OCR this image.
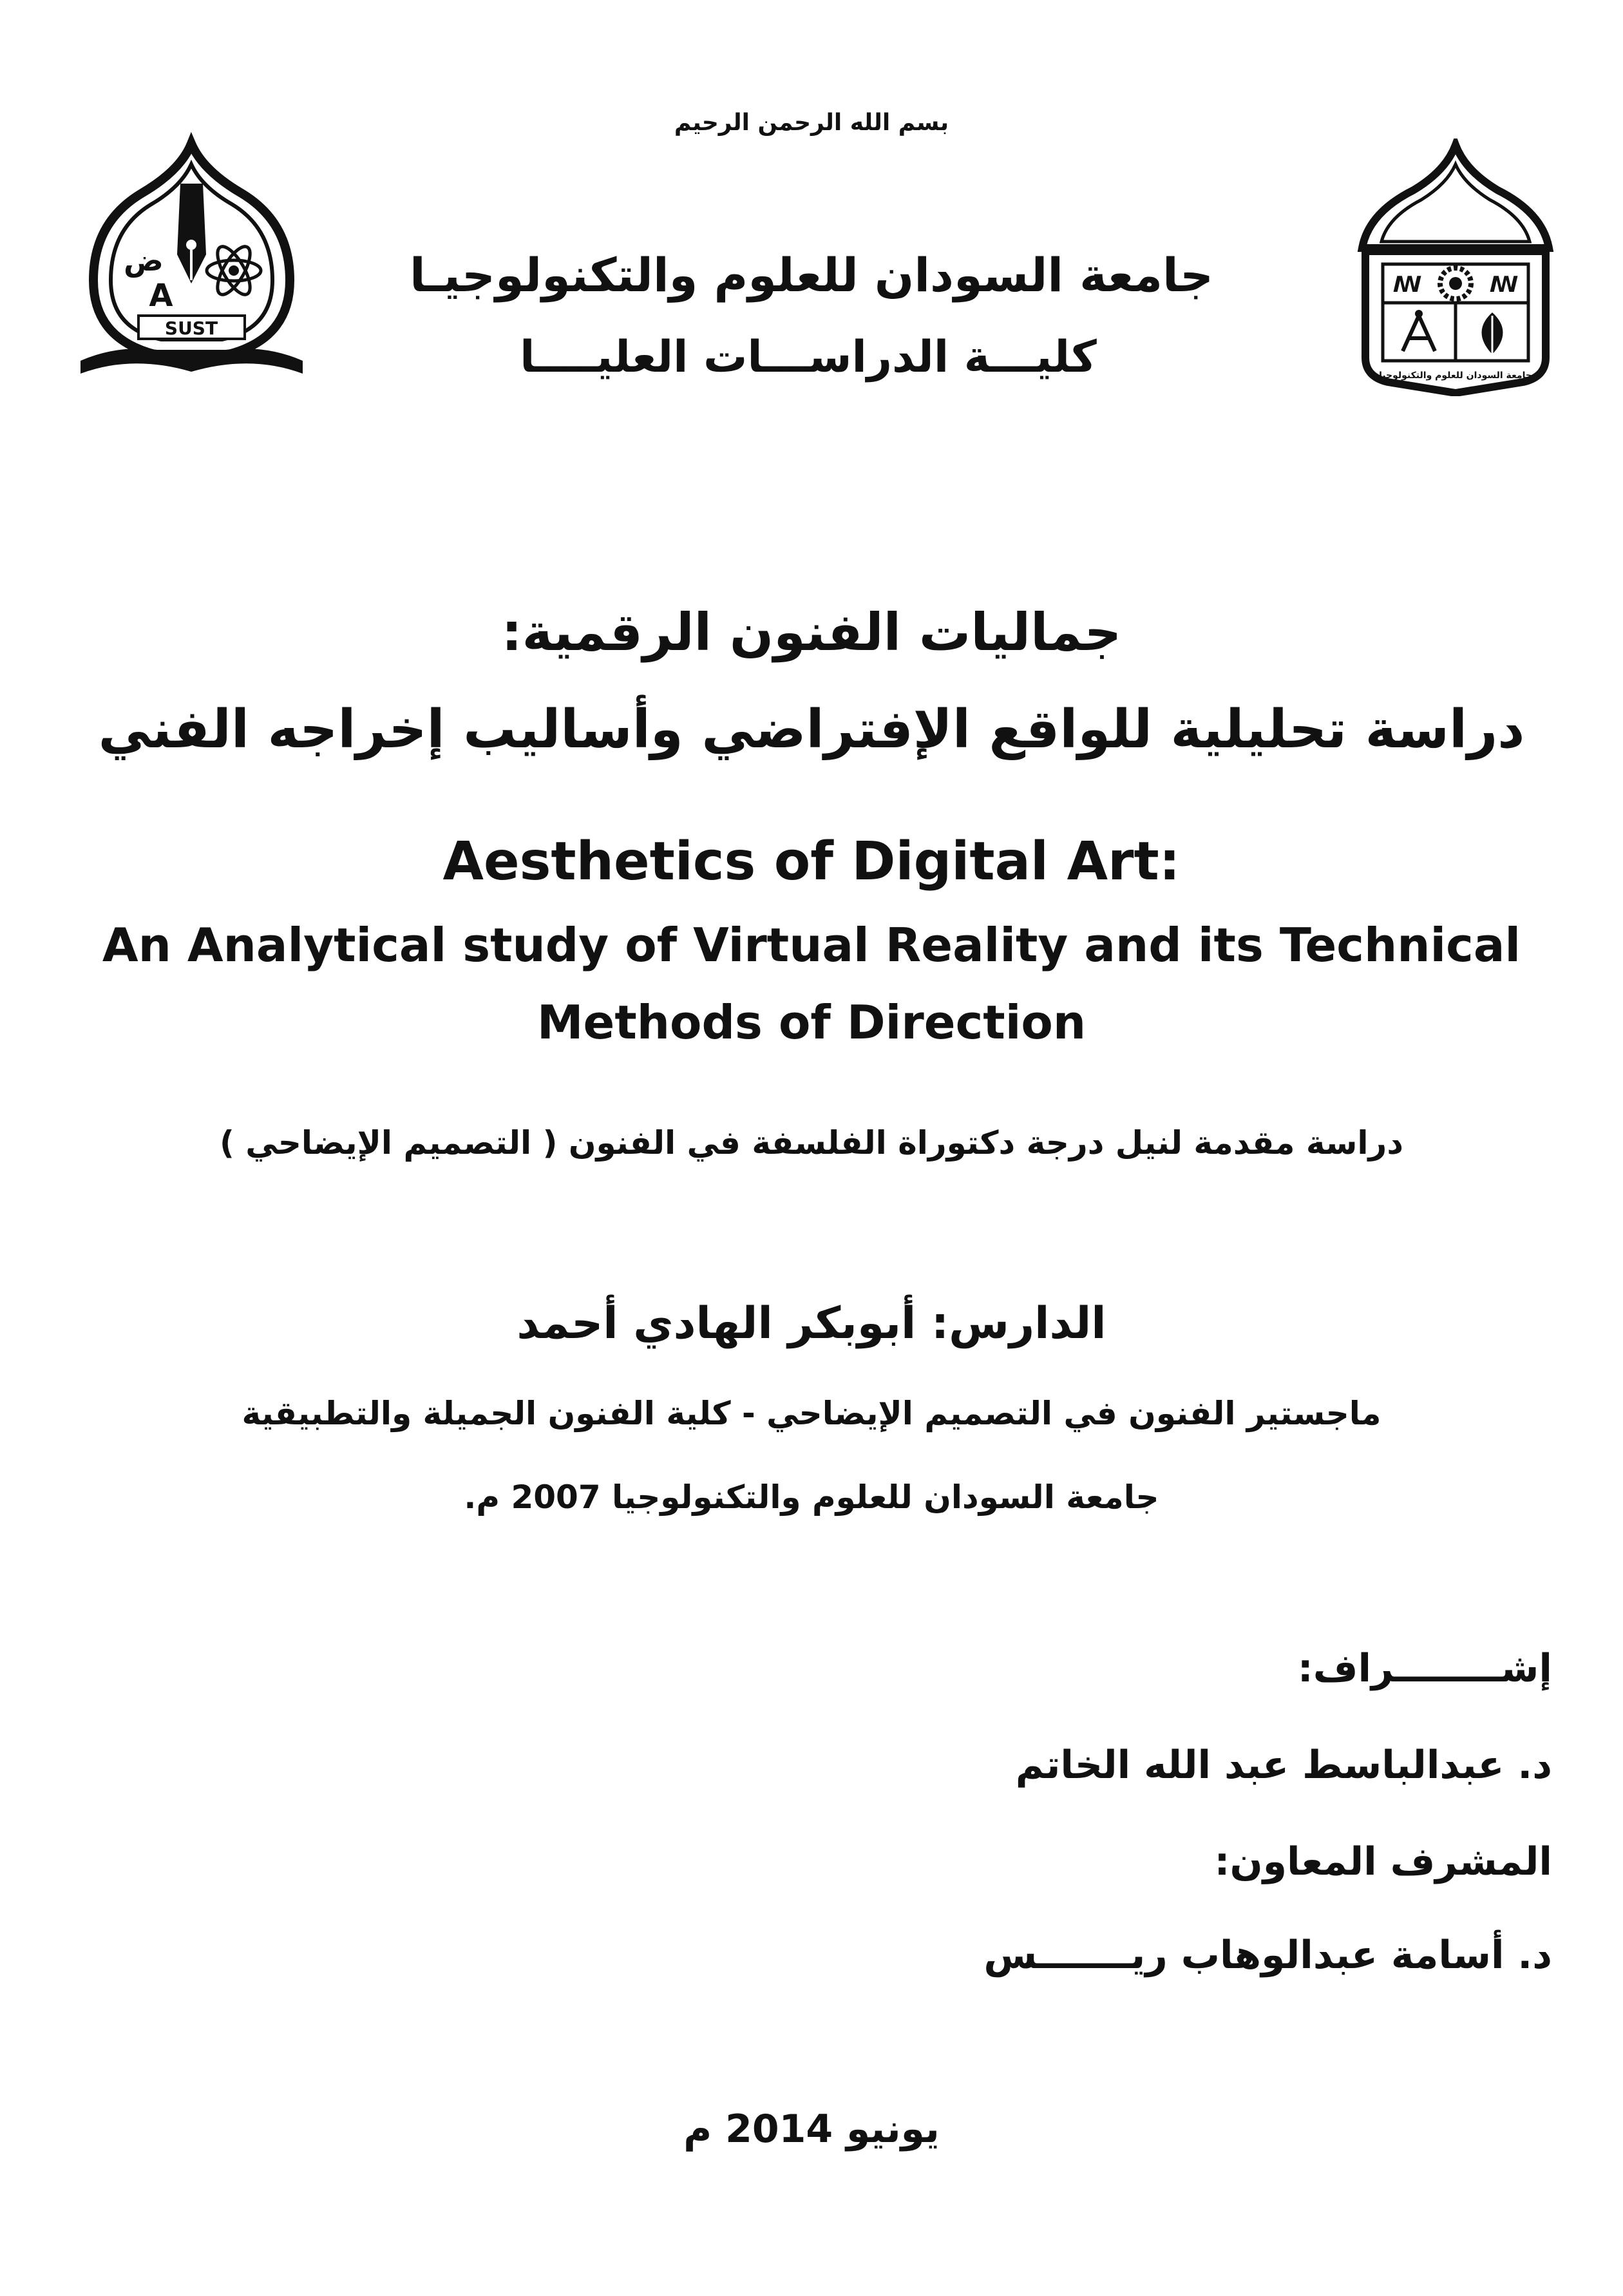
بسم الله الرحمن الرحيم
ض
A
SUST
ꟿ	ꟿ
جامعة السودان للعلوم والتكنولوجيا
جامعة السودان للعلوم والتكنولوجيـا
كليـــة الدراســـات العليــــا
جماليات الفنون الرقمية:
دراسة تحليلية للواقع الإفتراضي وأساليب إخراجه الفني
Aesthetics of Digital Art:
An Analytical study of Virtual Reality and its Technical
Methods of Direction
دراسة مقدمة لنيل درجة دكتوراة الفلسفة في الفنون ( التصميم الإيضاحي )
الدارس: أبوبكر الهادي أحمد
ماجستير الفنون في التصميم الإيضاحي - كلية الفنون الجميلة والتطبيقية
جامعة السودان للعلوم والتكنولوجيا 2007 م.
إشــــــــراف:
د. عبدالباسط عبد الله الخاتم
المشرف المعاون:
د. أسامة عبدالوهاب ريـــــــس
يونيو 2014 م
